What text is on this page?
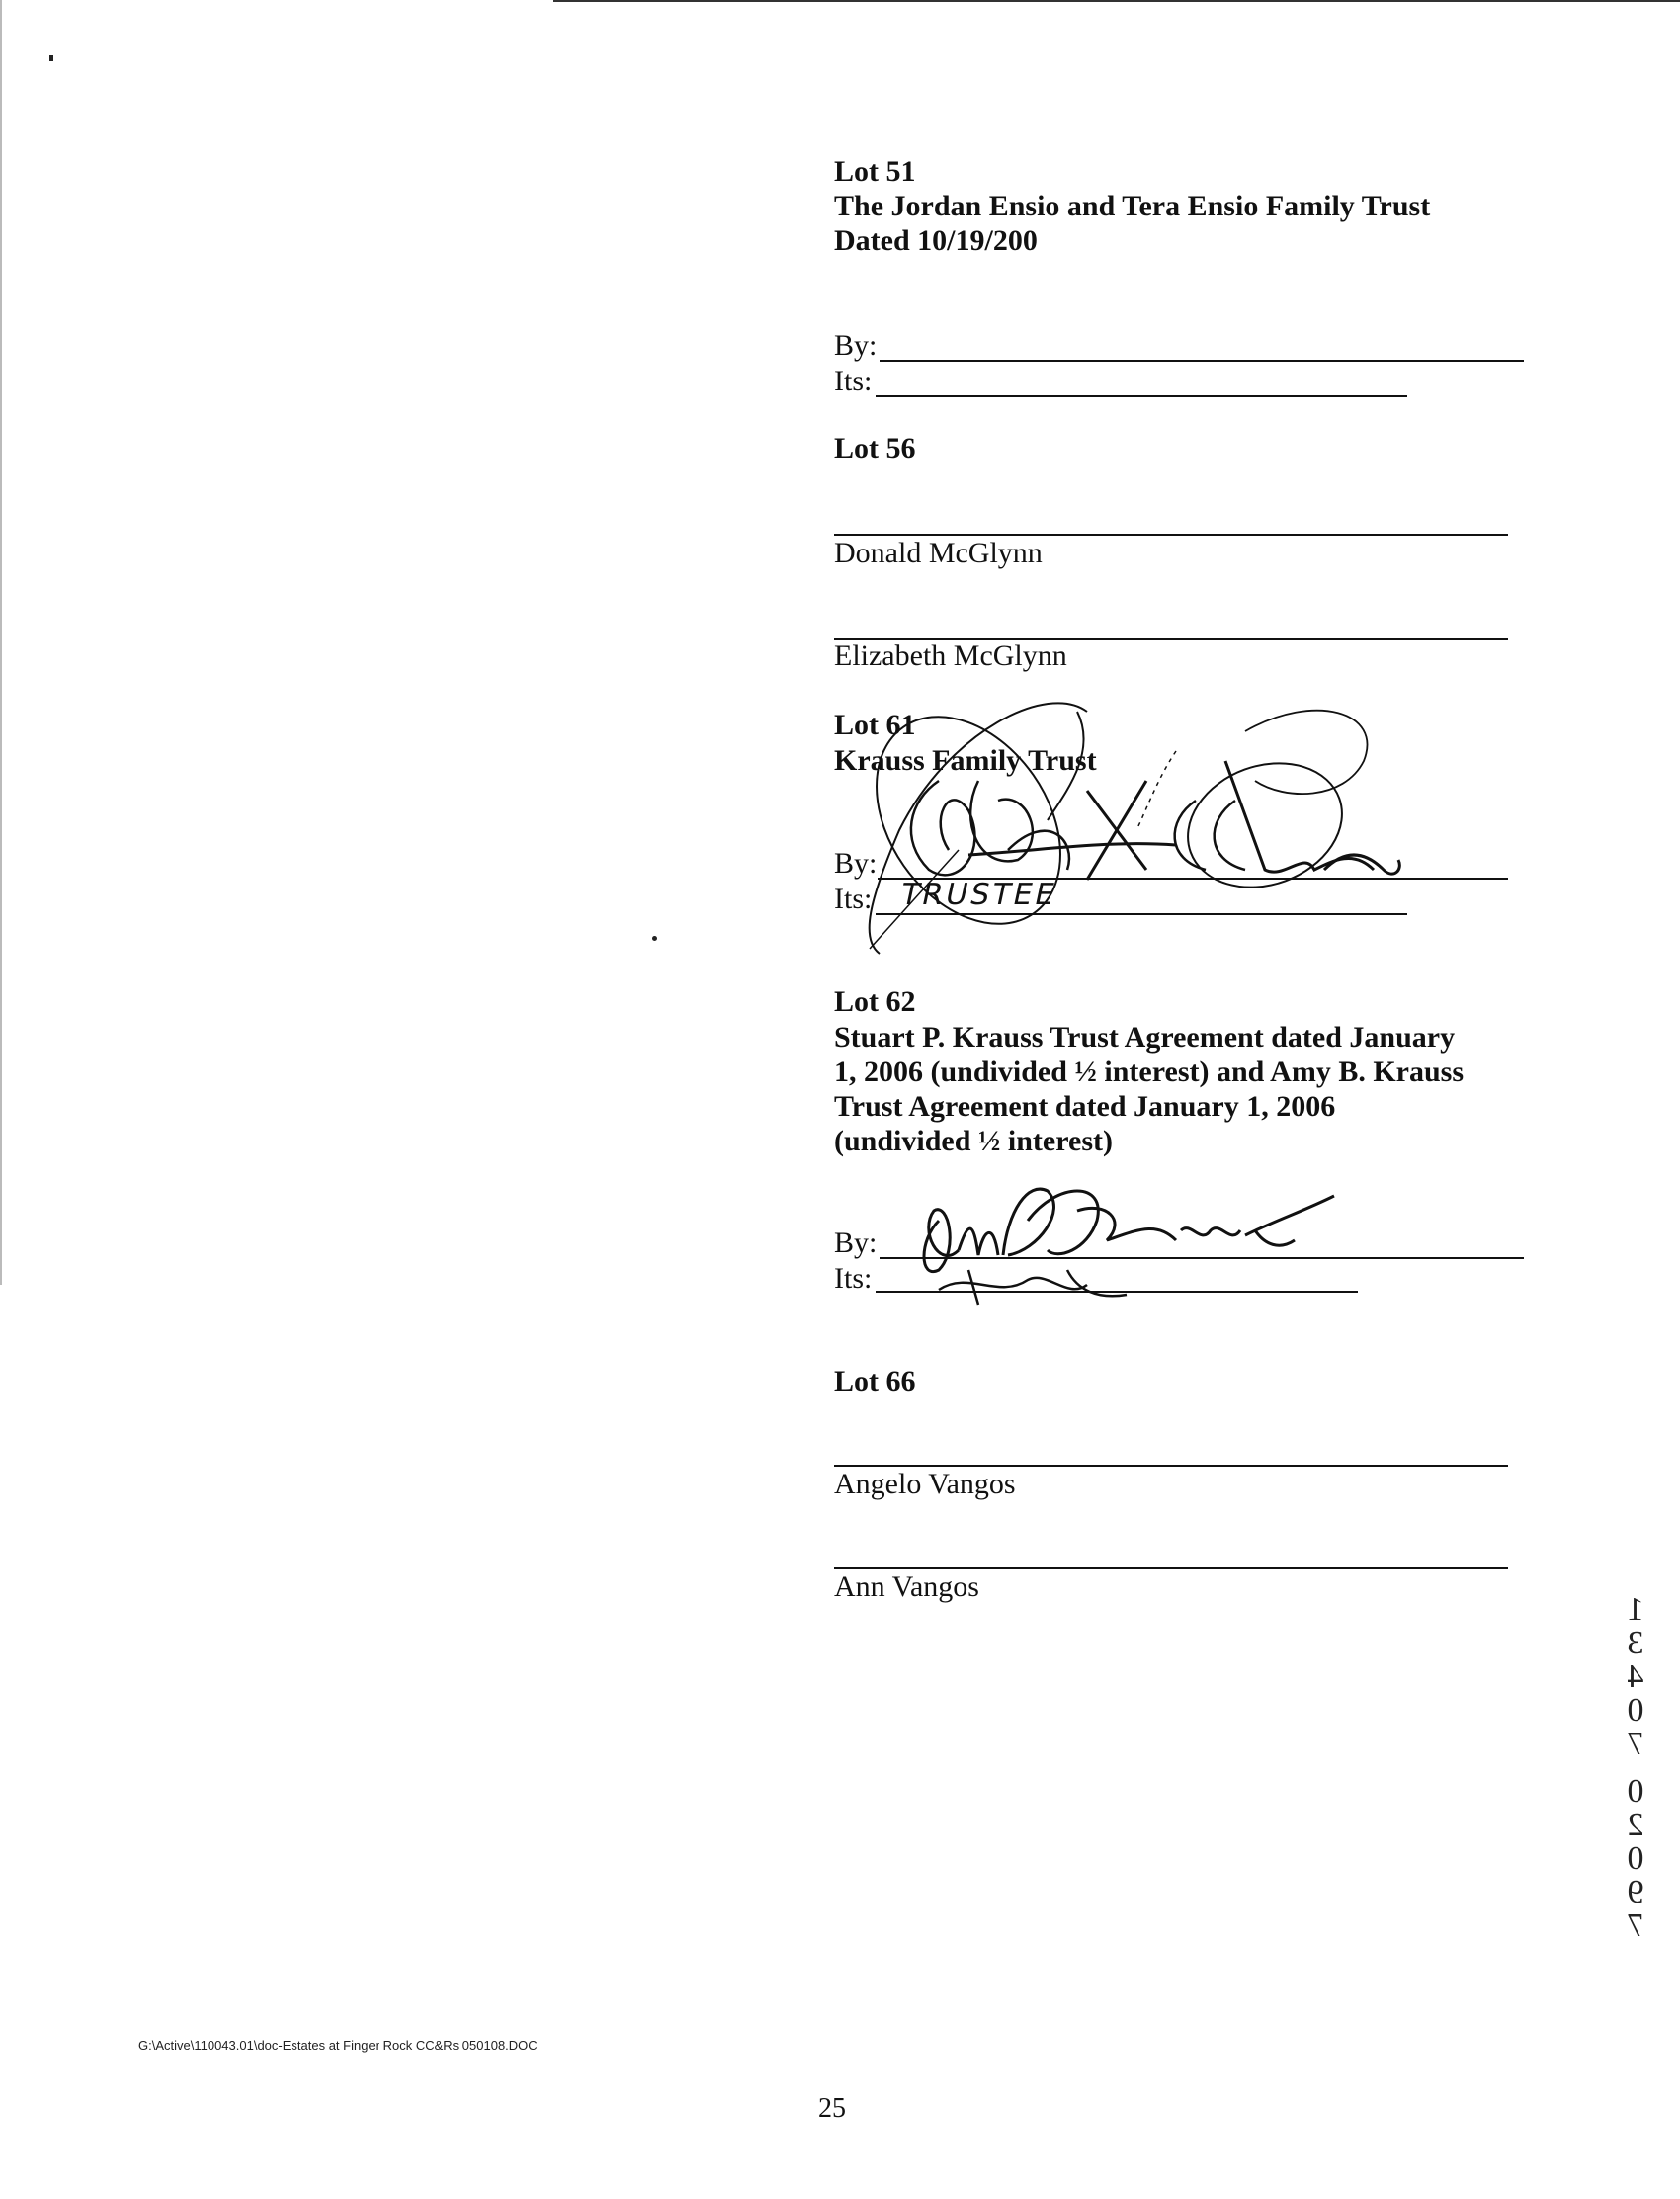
Lot 51
The Jordan Ensio and Tera Ensio Family Trust
Dated 10/19/200
By:
Its:
Lot 56
Donald McGlynn
Elizabeth McGlynn
Lot 61
Krauss Family Trust
By:
Its: TRUSTEE
Lot 62
Stuart P. Krauss Trust Agreement dated January
1, 2006 (undivided ½ interest) and Amy B. Krauss
Trust Agreement dated January 1, 2006
(undivided ½ interest)
By:
Its:
Lot 66
Angelo Vangos
Ann Vangos
1
3
4
0
7
0
2
0
9
7
G:\Active\110043.01\doc-Estates at Finger Rock CC&Rs 050108.DOC
25
